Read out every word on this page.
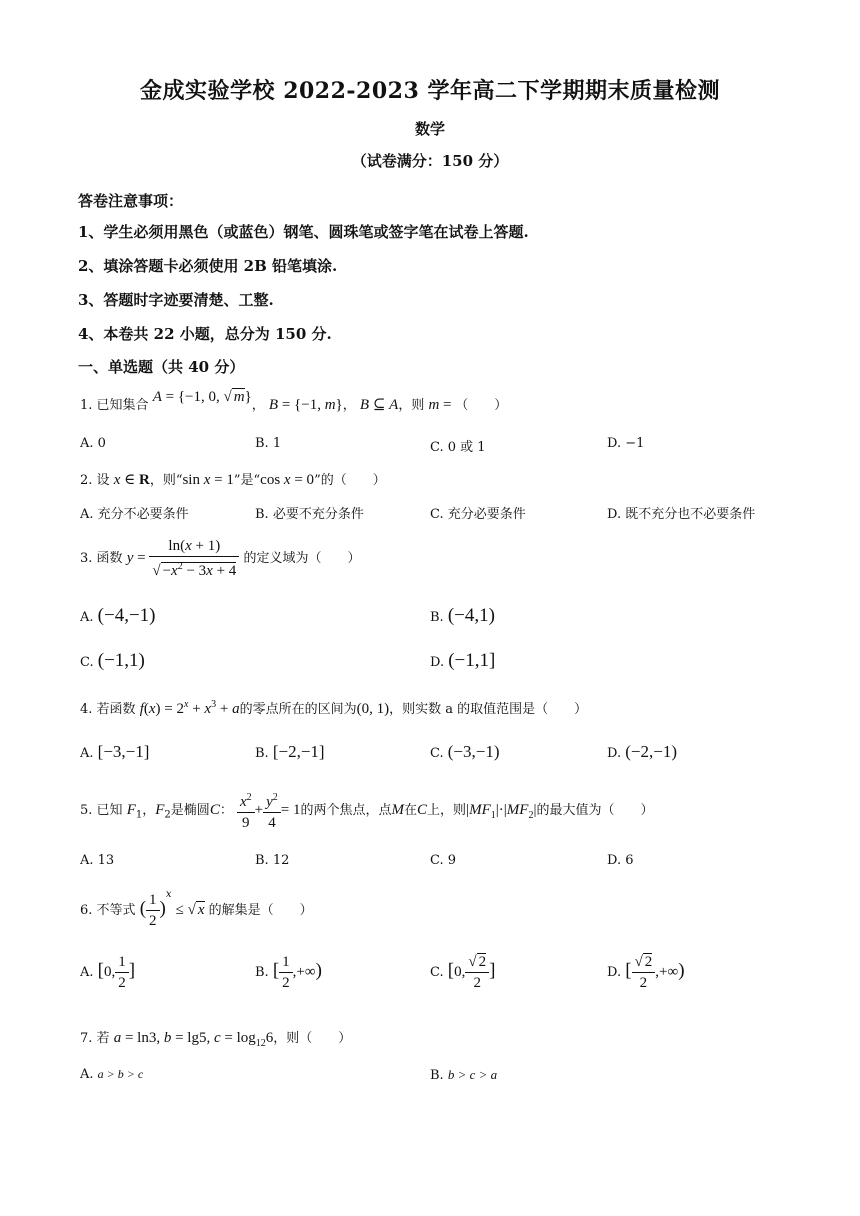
金成实验学校 2022-2023 学年高二下学期期末质量检测
数学
（试卷满分：150 分）
答卷注意事项：
1、学生必须用黑色（或蓝色）钢笔、圆珠笔或签字笔在试卷上答题.
2、填涂答题卡必须使用 2B 铅笔填涂.
3、答题时字迹要清楚、工整.
4、本卷共 22 小题，总分为 150 分.
一、单选题（共 40 分）
1. 已知集合 A = {−1, 0, √ m}， B = {−1, m}， B ⊆ A，则 m = （　　）
A. 0	B. 1	C. 0 或 1	D. −1
2. 设 x ∈ R，则“sin x = 1”是“cos x = 0”的（　　）
A. 充分不必要条件	B. 必要不充分条件	C. 充分必要条件	D. 既不充分也不必要条件
3. 函数 $y = \frac{\ln(x + 1)}{√ -x^2 - 3x + 4}$ 的定义域为（　　）
A. (−4,−1)	B. (−4,1)
C. (−1,1)	D. (−1,1]
4. 若函数 $f(x) = 2^x + x^3 + a$的零点所在的区间为(0, 1)，则实数 a 的取值范围是（　　）
A. [−3,−1]	B. [−2,−1]	C. (−3,−1)	D. (−2,−1)
5. 已知 $F_1$，$F_2$是椭圆C： $\frac{x^2}{9} + \frac{y^2}{4} = 1$的两个焦点，点M在C上，则$|MF_1|\cdot|MF_2|$的最大值为（　　）
A. 13	B. 12	C. 9	D. 6
6. 不等式 ( $\frac{1}{2} )^x$ ≤ √ x 的解集是（　　）
A. [0, $\frac{1}{2}$ ]	B. [ $\frac{1}{2}$ ,+∞)	C. [0, $\frac{√ 2}{2}$ ]	D. [ $\frac{√ 2}{2}$ ,+∞)
7. 若 a = ln3, b = lg5, $c = \log_{12}6$，则（　　）
A. a > b > c	B. b > c > a
